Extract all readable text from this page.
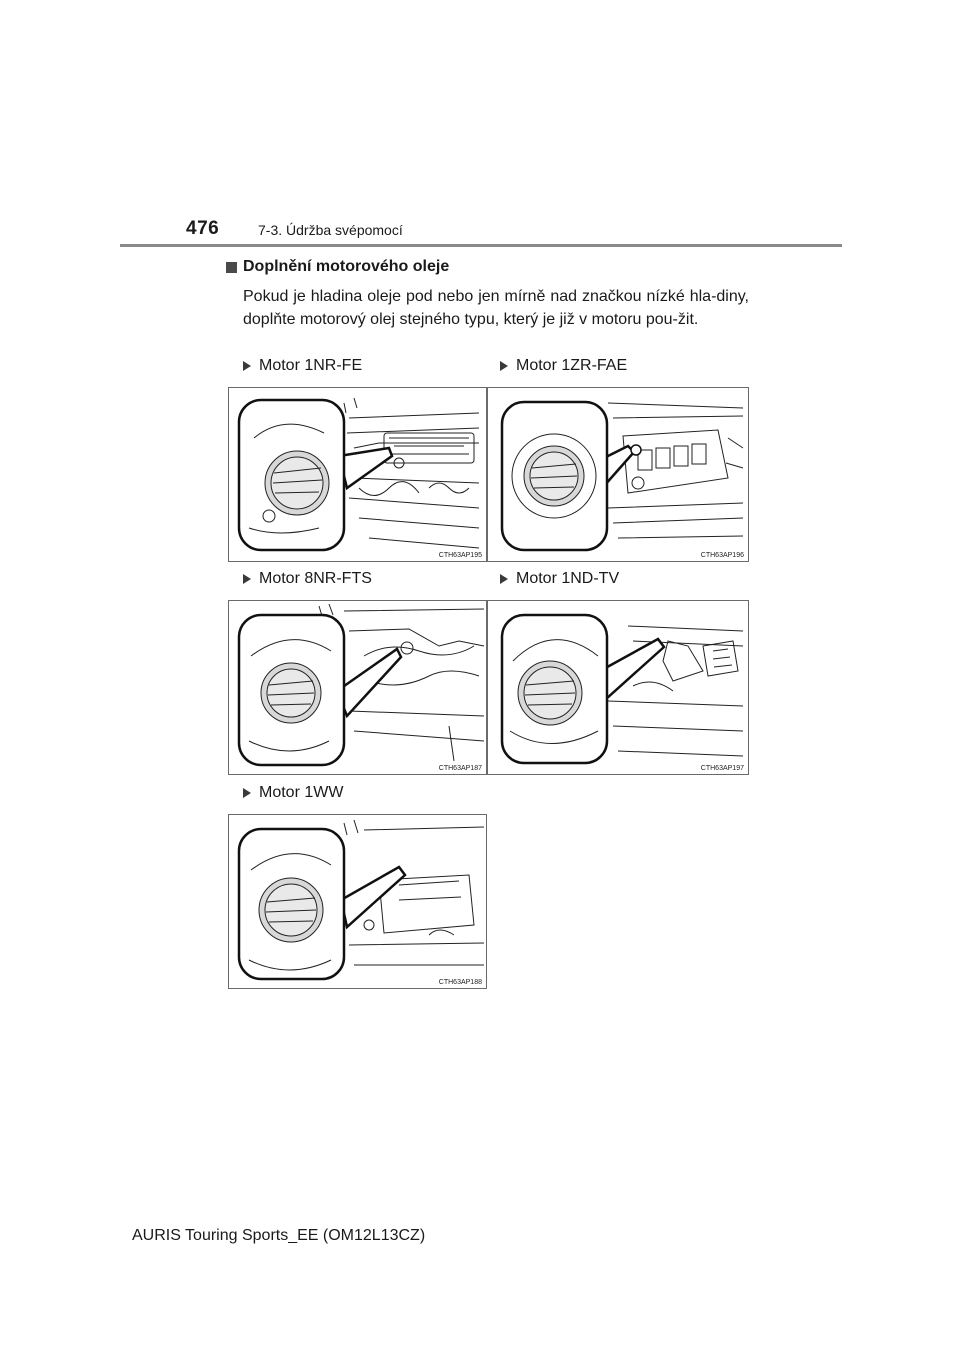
476	7-3. Údržba svépomocí
Doplnění motorového oleje
Pokud je hladina oleje pod nebo jen mírně nad značkou nízké hla-diny, doplňte motorový olej stejného typu, který je již v motoru pou-žit.
Motor 1NR-FE	Motor 1ZR-FAE
Motor 8NR-FTS	Motor 1ND-TV
Motor 1WW
CTH63AP195	CTH63AP196
CTH63AP187	CTH63AP197
CTH63AP188
AURIS Touring Sports_EE (OM12L13CZ)
